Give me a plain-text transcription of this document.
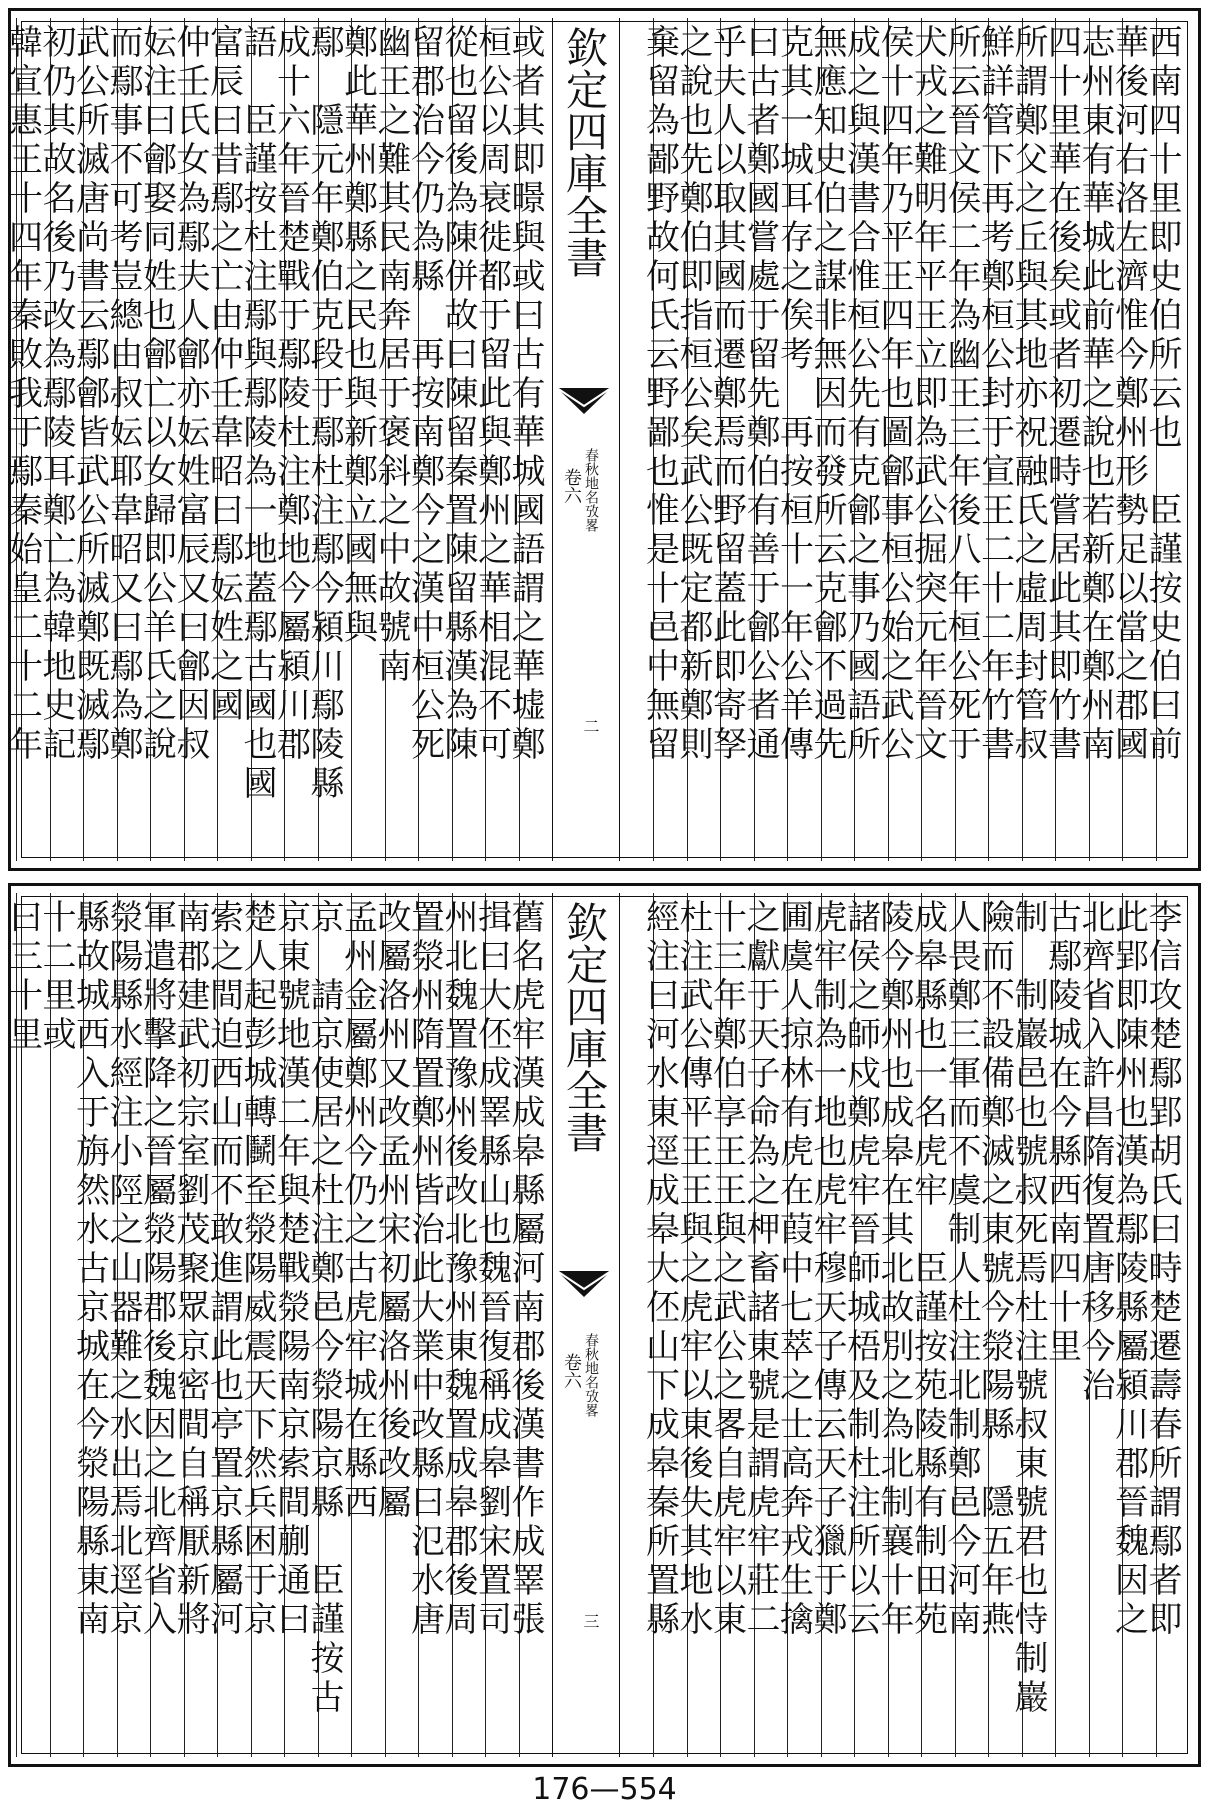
欽定四庫全書
卷六 春秋地名攷畧
二	西南四十里即史伯所云也　臣謹按史伯曰前
華後河右洛左濟惟今鄭州形勢足以當之郡國
志州東有華城此前華之說也若新鄭在鄭州南
四十里華在後矣或者初遷時嘗居此其即竹書
所謂鄭父之丘與其地亦祝融氏之虛周封管叔
鮮詳管下再考鄭桓公封于宣王二十二年竹書
所云晉文侯二年為幽王三年後八年桓公死于
犬戎之難明年平王立即為武公掘突元年晉文
侯十四年乃平王四年也圖鄶事桓公始之武公
成之與漢書合惟桓公先有克鄶之事乃國語所
無應知史伯之謀非無因而發所云克鄶不過先
克其一城耳存之俟考　再按桓十一年公羊傳
曰古者鄭國嘗處于留先鄭伯有善于鄶公者通
乎夫人以取其國而遷鄭焉而野留蓋此即寄孥
之說也先鄭伯即指桓公矣武公既定都新鄭則
棄留為鄙野故何氏云野鄙也惟是十邑中無留
或者其即暻與或曰古有華城國語謂之華墟鄭
桓公以周衰徙都于留此與鄭州之華相混不可
從也留後為陳併故曰陳留秦置陳留縣漢為陳
留郡治今仍為縣　再按南鄭今之漢中桓公死
幽王之難其民南奔居于褒斜之中故號南
鄭此華州鄭縣之民也與新鄭立國無與
鄢　隱元年鄭伯克段于鄢杜注鄢今潁川鄢陵縣
成十六年晉楚戰于鄢陵杜注鄭地今屬潁川郡
語　臣謹按杜注鄢與鄢陵為一地蓋鄢古國也國
富辰曰昔鄢之亡由仲壬韋昭曰鄢妘姓之國
仲壬氏女為鄢夫人鄶亦妘姓富辰又曰鄶因叔
妘注曰鄶娶同姓也鄶亡以女歸即公羊氏之說
而鄢事不可考豈總由叔妘耶韋昭又曰鄢為鄭
武公所滅唐尚書云鄢鄶皆武公所滅鄭既滅鄢
初仍其故名後乃改為鄢陵耳鄭亡為韓地史記
韓宣惠王十四年秦敗我于鄢秦始皇二十二年
欽定四庫全書
卷六 春秋地名攷畧
三	李信攻楚鄢郢胡氏曰時楚遷壽春所謂鄢者即
此郢即陳州也漢為鄢陵縣屬潁川郡晉魏因之
北齊省入許昌隋復置唐移今治
古鄢陵城在今縣西南四十里
制　制巖邑也號叔死焉杜注號叔東號君也恃制巖
險而不設備鄭滅之東號今滎陽縣　隱五年燕
人畏鄭三軍而不虞制人杜注北制鄭邑今河南
成皋縣也一名虎牢　臣謹按苑陵縣有制田苑
陵今鄭州也成皋在其北故別之為北制襄十年
諸侯之師戍鄭虎牢晉師城梧及制杜注所以云
虎牢制為一地也虎牢穆天子傳云天子獵于鄭
圃虞人掠林有虎在葭中七萃之士高奔戎生擒
之獻于天子命為之柙畜諸東號是謂虎牢莊二
十三年鄭伯享王王與之武公之畧自虎牢以東
杜注武公傳平王王與之虎牢以東後失其地水
經注曰河水東逕成皋大伾山下成皋秦所置縣
舊名虎牢漢成皋縣屬河南郡後漢書作成睪張
揖曰大伾成睪縣山也魏晉復稱成皋劉宋置司
州北魏置豫州後改北豫州東魏置成皋郡後周
置滎州隋置鄭州皆治此大業中改縣曰氾水唐
改屬洛州又改孟州宋初屬洛州後改屬
孟州金屬鄭州今仍之古虎牢城在縣西
京　請京使居之杜注鄭邑今滎陽京縣　臣謹按古
京東號地漢二年與楚戰滎陽南京索間蒯通曰
楚人起彭城轉鬭至滎陽威震天下然兵困于京
索之間迫西山而不敢進謂此也亭置京縣屬河
南郡建武初宗室劉茂聚眾京密間自稱厭新將
軍遣將擊降之晉屬滎陽郡後魏因之北齊省入
滎陽縣水經注小陘之山器難之水出焉北逕京
縣故城西入于旃然水古京城在今滎陽縣東南
十二里或
曰三十里
176—554
